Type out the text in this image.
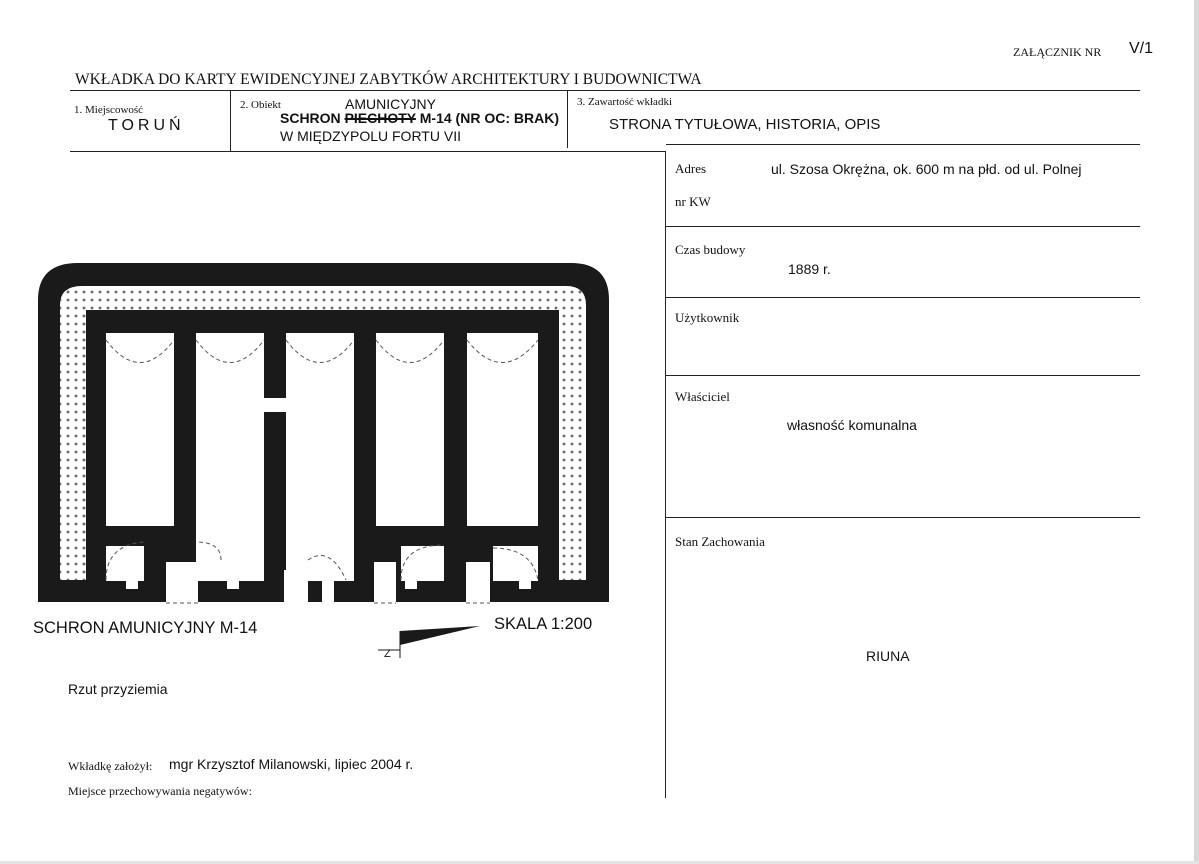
ZAŁĄCZNIK NR V/1
WKŁADKA DO KARTY EWIDENCYJNEJ ZABYTKÓW ARCHITEKTURY I BUDOWNICTWA
1. Miejscowość
TORUŃ
2. Obiekt	AMUNICYJNY
SCHRON PIECHOTY M-14 (NR OC: BRAK)
W MIĘDZYPOLU FORTU VII
3. Zawartość wkładki
STRONA TYTUŁOWA, HISTORIA, OPIS
Adres	ul. Szosa Okrężna, ok. 600 m na płd. od ul. Polnej
nr KW
Czas budowy
1889 r.
Użytkownik
Właściciel
własność komunalna
Stan Zachowania
RIUNA
SCHRON AMUNICYJNY M-14	SKALA 1:200
Z
Rzut przyziemia
Wkładkę założył: mgr Krzysztof Milanowski, lipiec 2004 r.
Miejsce przechowywania negatywów:
